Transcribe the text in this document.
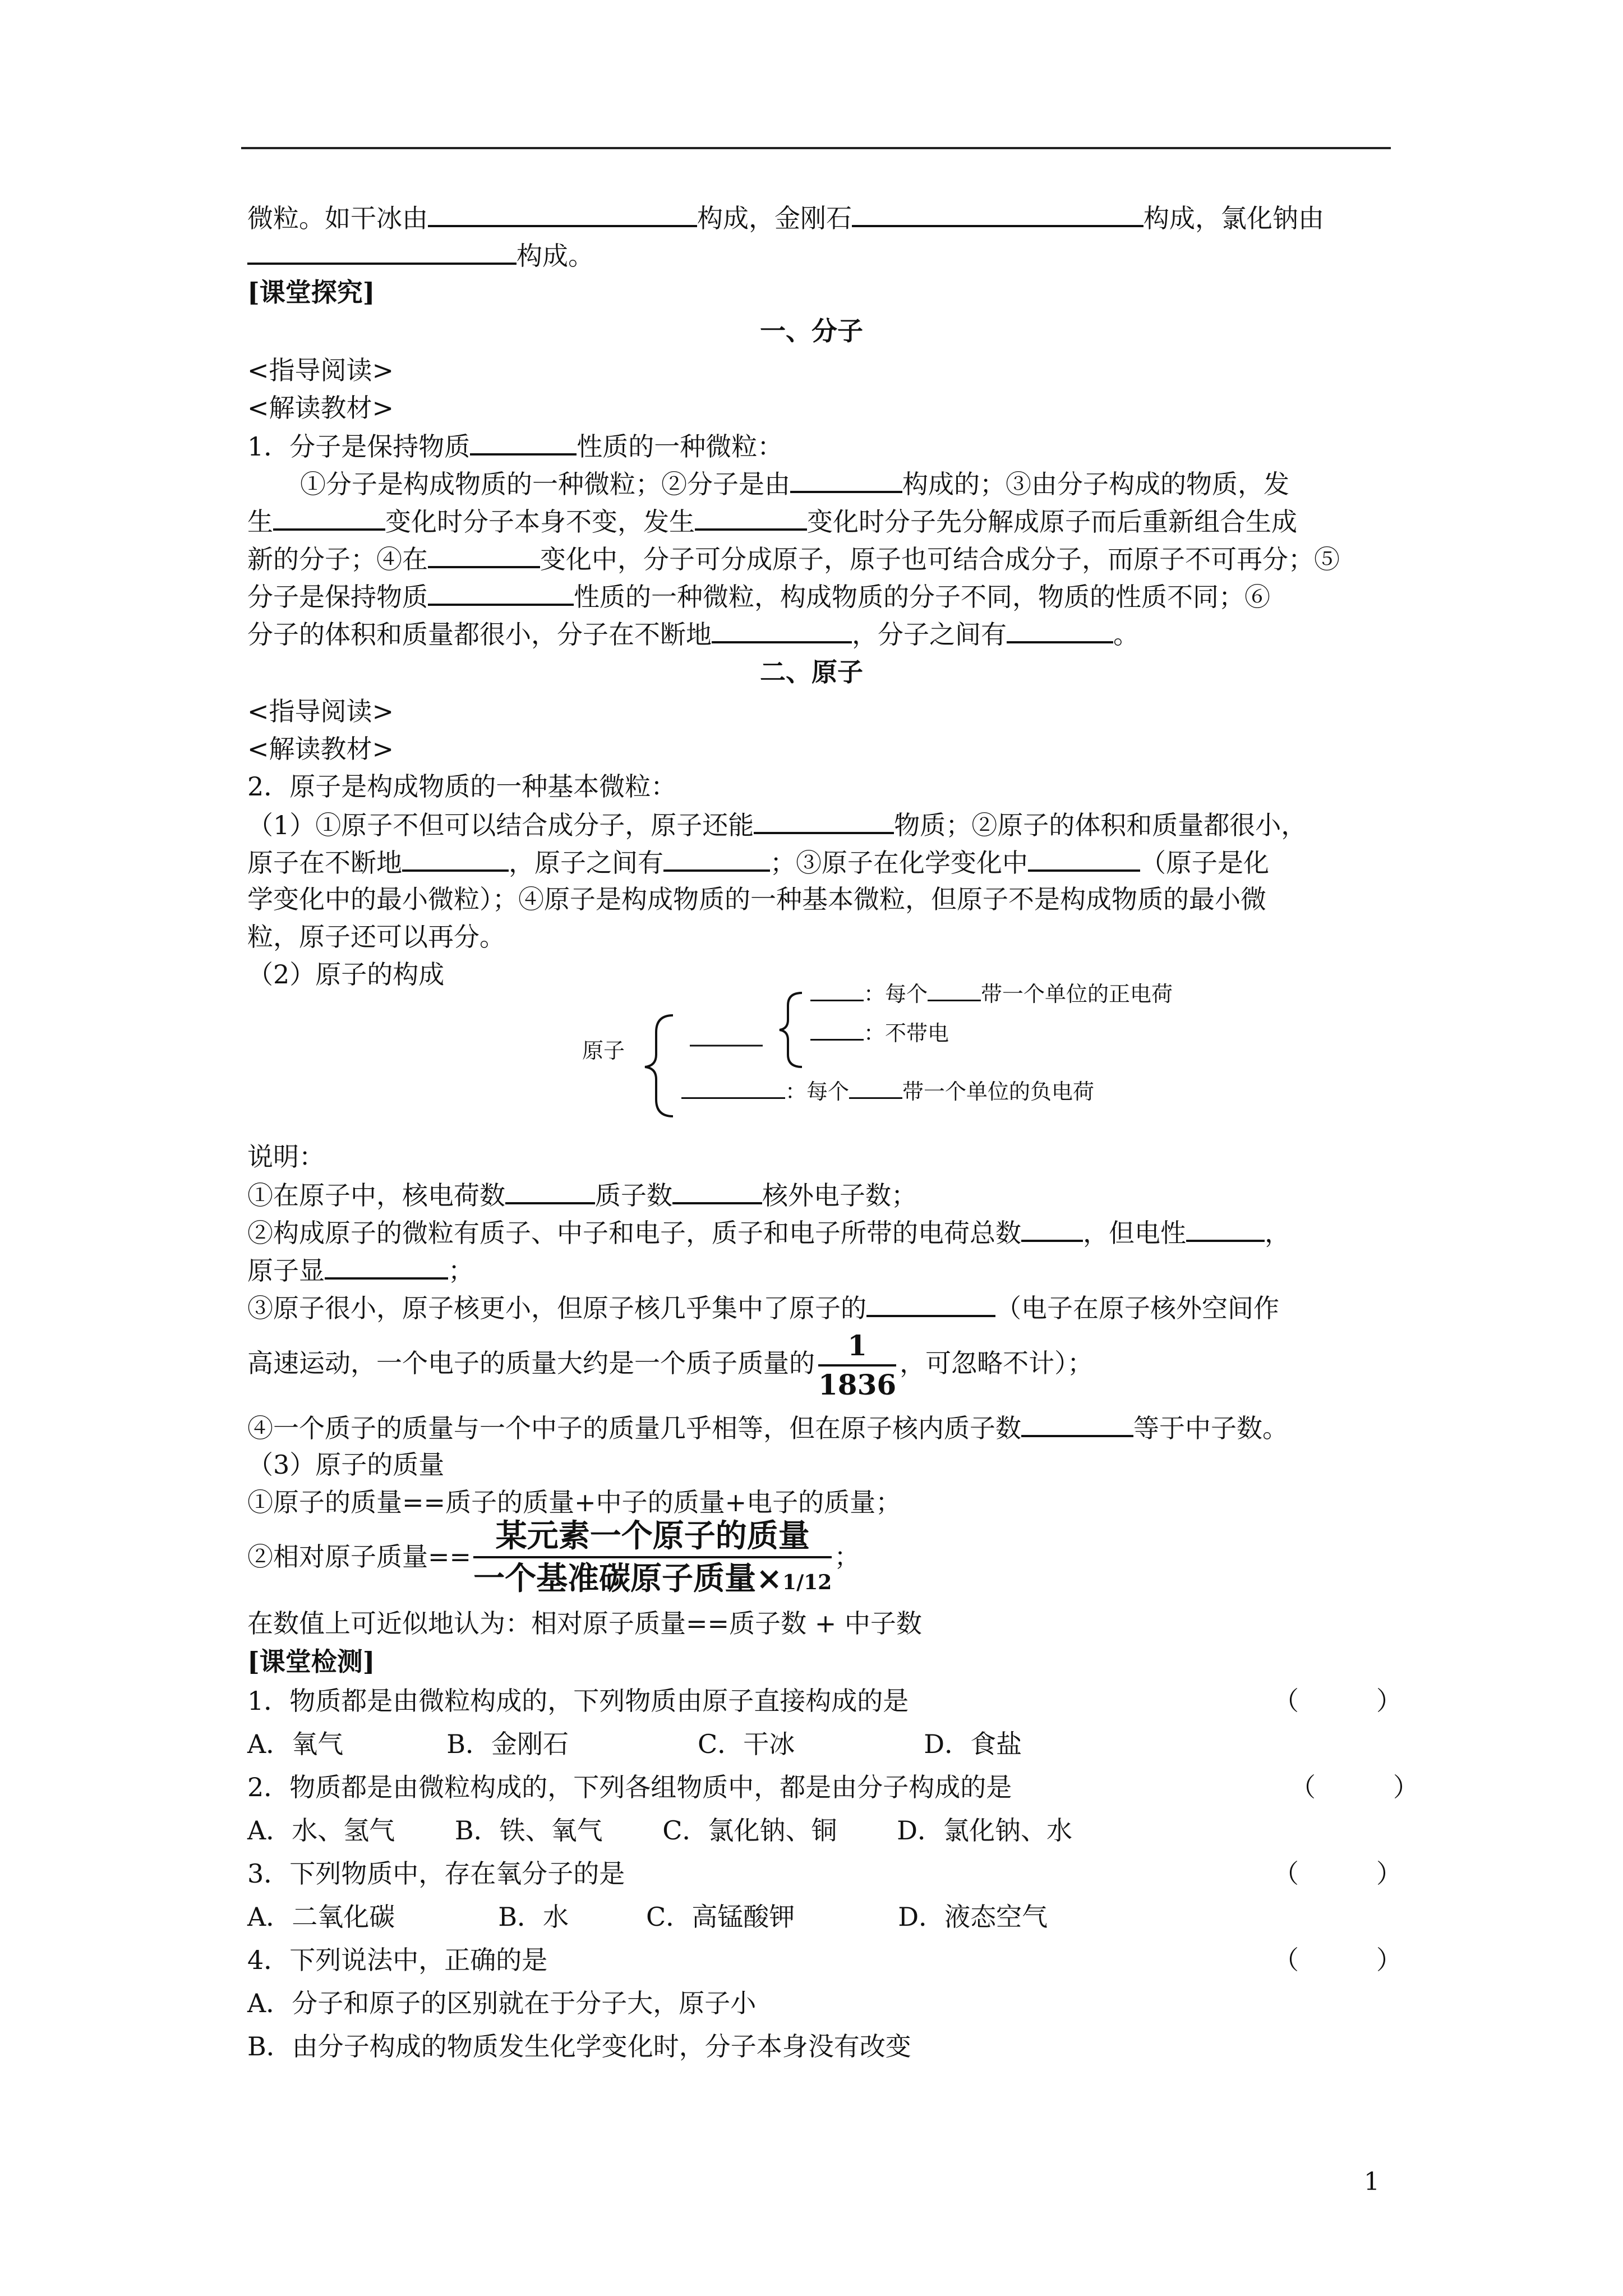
微粒。如干冰由	构成，金刚石	构成，氯化钠由
构成。
[课堂探究]
一、分子
<指导阅读>
<解读教材>
1．分子是保持物质	性质的一种微粒：
①分子是构成物质的一种微粒；②分子是由	构成的；③由分子构成的物质，发
生	变化时分子本身不变，发生	变化时分子先分解成原子而后重新组合生成
新的分子；④在	变化中，分子可分成原子，原子也可结合成分子，而原子不可再分；⑤
分子是保持物质	性质的一种微粒，构成物质的分子不同，物质的性质不同；⑥
分子的体积和质量都很小，分子在不断地	，分子之间有	。
二、原子
<指导阅读>
<解读教材>
2．原子是构成物质的一种基本微粒：
（1）①原子不但可以结合成分子，原子还能	物质；②原子的体积和质量都很小，
原子在不断地	，原子之间有	；③原子在化学变化中	（原子是化
学变化中的最小微粒）；④原子是构成物质的一种基本微粒，但原子不是构成物质的最小微
粒，原子还可以再分。
（2）原子的构成
原子
：每个	带一个单位的正电荷
：不带电
：每个	带一个单位的负电荷
说明：
①在原子中，核电荷数	质子数	核外电子数；
②构成原子的微粒有质子、中子和电子，质子和电子所带的电荷总数 ，但电性	，
原子显	；
③原子很小，原子核更小，但原子核几乎集中了原子的	（电子在原子核外空间作
高速运动，一个电子的质量大约是一个质子质量的 $\frac{1}{1836}$ ，可忽略不计）；
④一个质子的质量与一个中子的质量几乎相等，但在原子核内质子数	等于中子数。
（3）原子的质量
①原子的质量==质子的质量+中子的质量+电子的质量；
②相对原子质量== $\frac{\text{某元素一个原子的质量}}{\text{一个基准碳原子质量×1/12}}$ ；
在数值上可近似地认为：相对原子质量==质子数 + 中子数
[课堂检测]
1．物质都是由微粒构成的，下列物质由原子直接构成的是	（　　　）
A．氧气　　　　B．金刚石　　　　　C．干冰　　　　　D．食盐
2．物质都是由微粒构成的，下列各组物质中，都是由分子构成的是	（　　　）
A．水、氢气　　 B．铁、氧气　　 C．氯化钠、铜　　 D．氯化钠、水
3．下列物质中，存在氧分子的是	（　　　）
A．二氧化碳　　　　B．水　　　C．高锰酸钾　　　　D．液态空气
4．下列说法中，正确的是	（　　　）
A．分子和原子的区别就在于分子大，原子小
B．由分子构成的物质发生化学变化时，分子本身没有改变
1
